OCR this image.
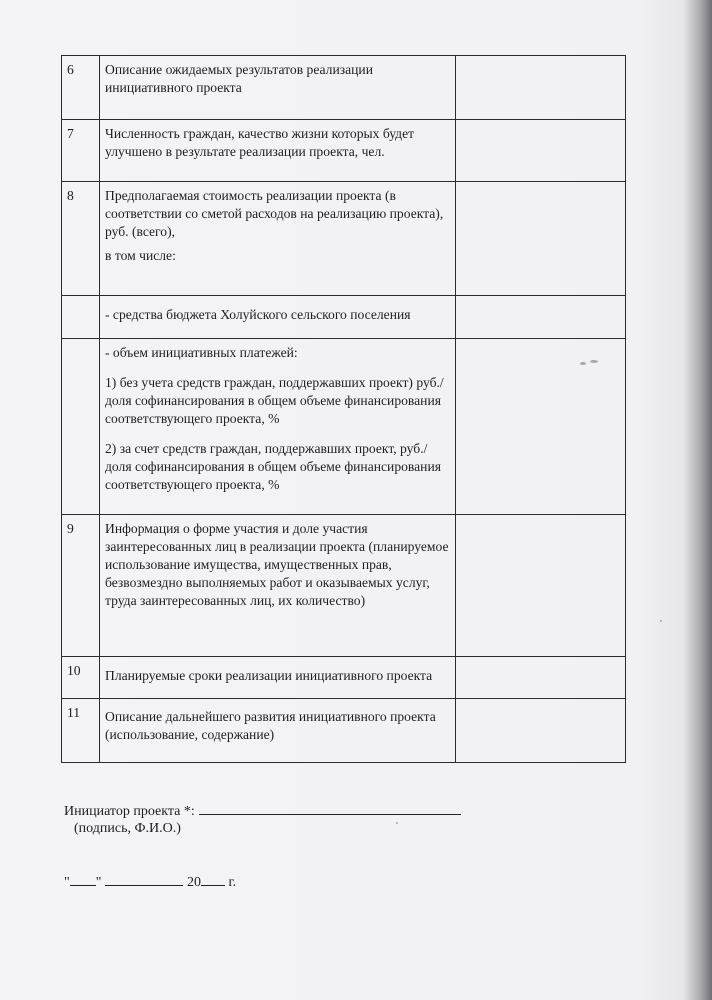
6	Описание ожидаемых результатов реализации инициативного проекта	

7	Численность граждан, качество жизни которых будет улучшено в результате реализации проекта, чел.	

8	Предполагаемая стоимость реализации проекта (в соответствии со сметой расходов на реализацию проекта), руб. (всего),

в том числе:	

	- средства бюджета Холуйского сельского поселения	

	- объем инициативных платежей:

1) без учета средств граждан, поддержавших проект) руб./доля софинансирования в общем объеме финансирования соответствующего проекта, %

2) за счет средств граждан, поддержавших проект, руб./доля софинансирования в общем объеме финансирования соответствующего проекта, %	

9	Информация о форме участия и доле участия заинтересованных лиц в реализации проекта (планируемое использование имущества, имущественных прав, безвозмездно выполняемых работ и оказываемых услуг, труда заинтересованных лиц, их количество)	

10	Планируемые сроки реализации инициативного проекта	

11	Описание дальнейшего развития инициативного проекта (использование, содержание)	

Инициатор проекта *:
(подпись, Ф.И.О.)
" "	20 г.
